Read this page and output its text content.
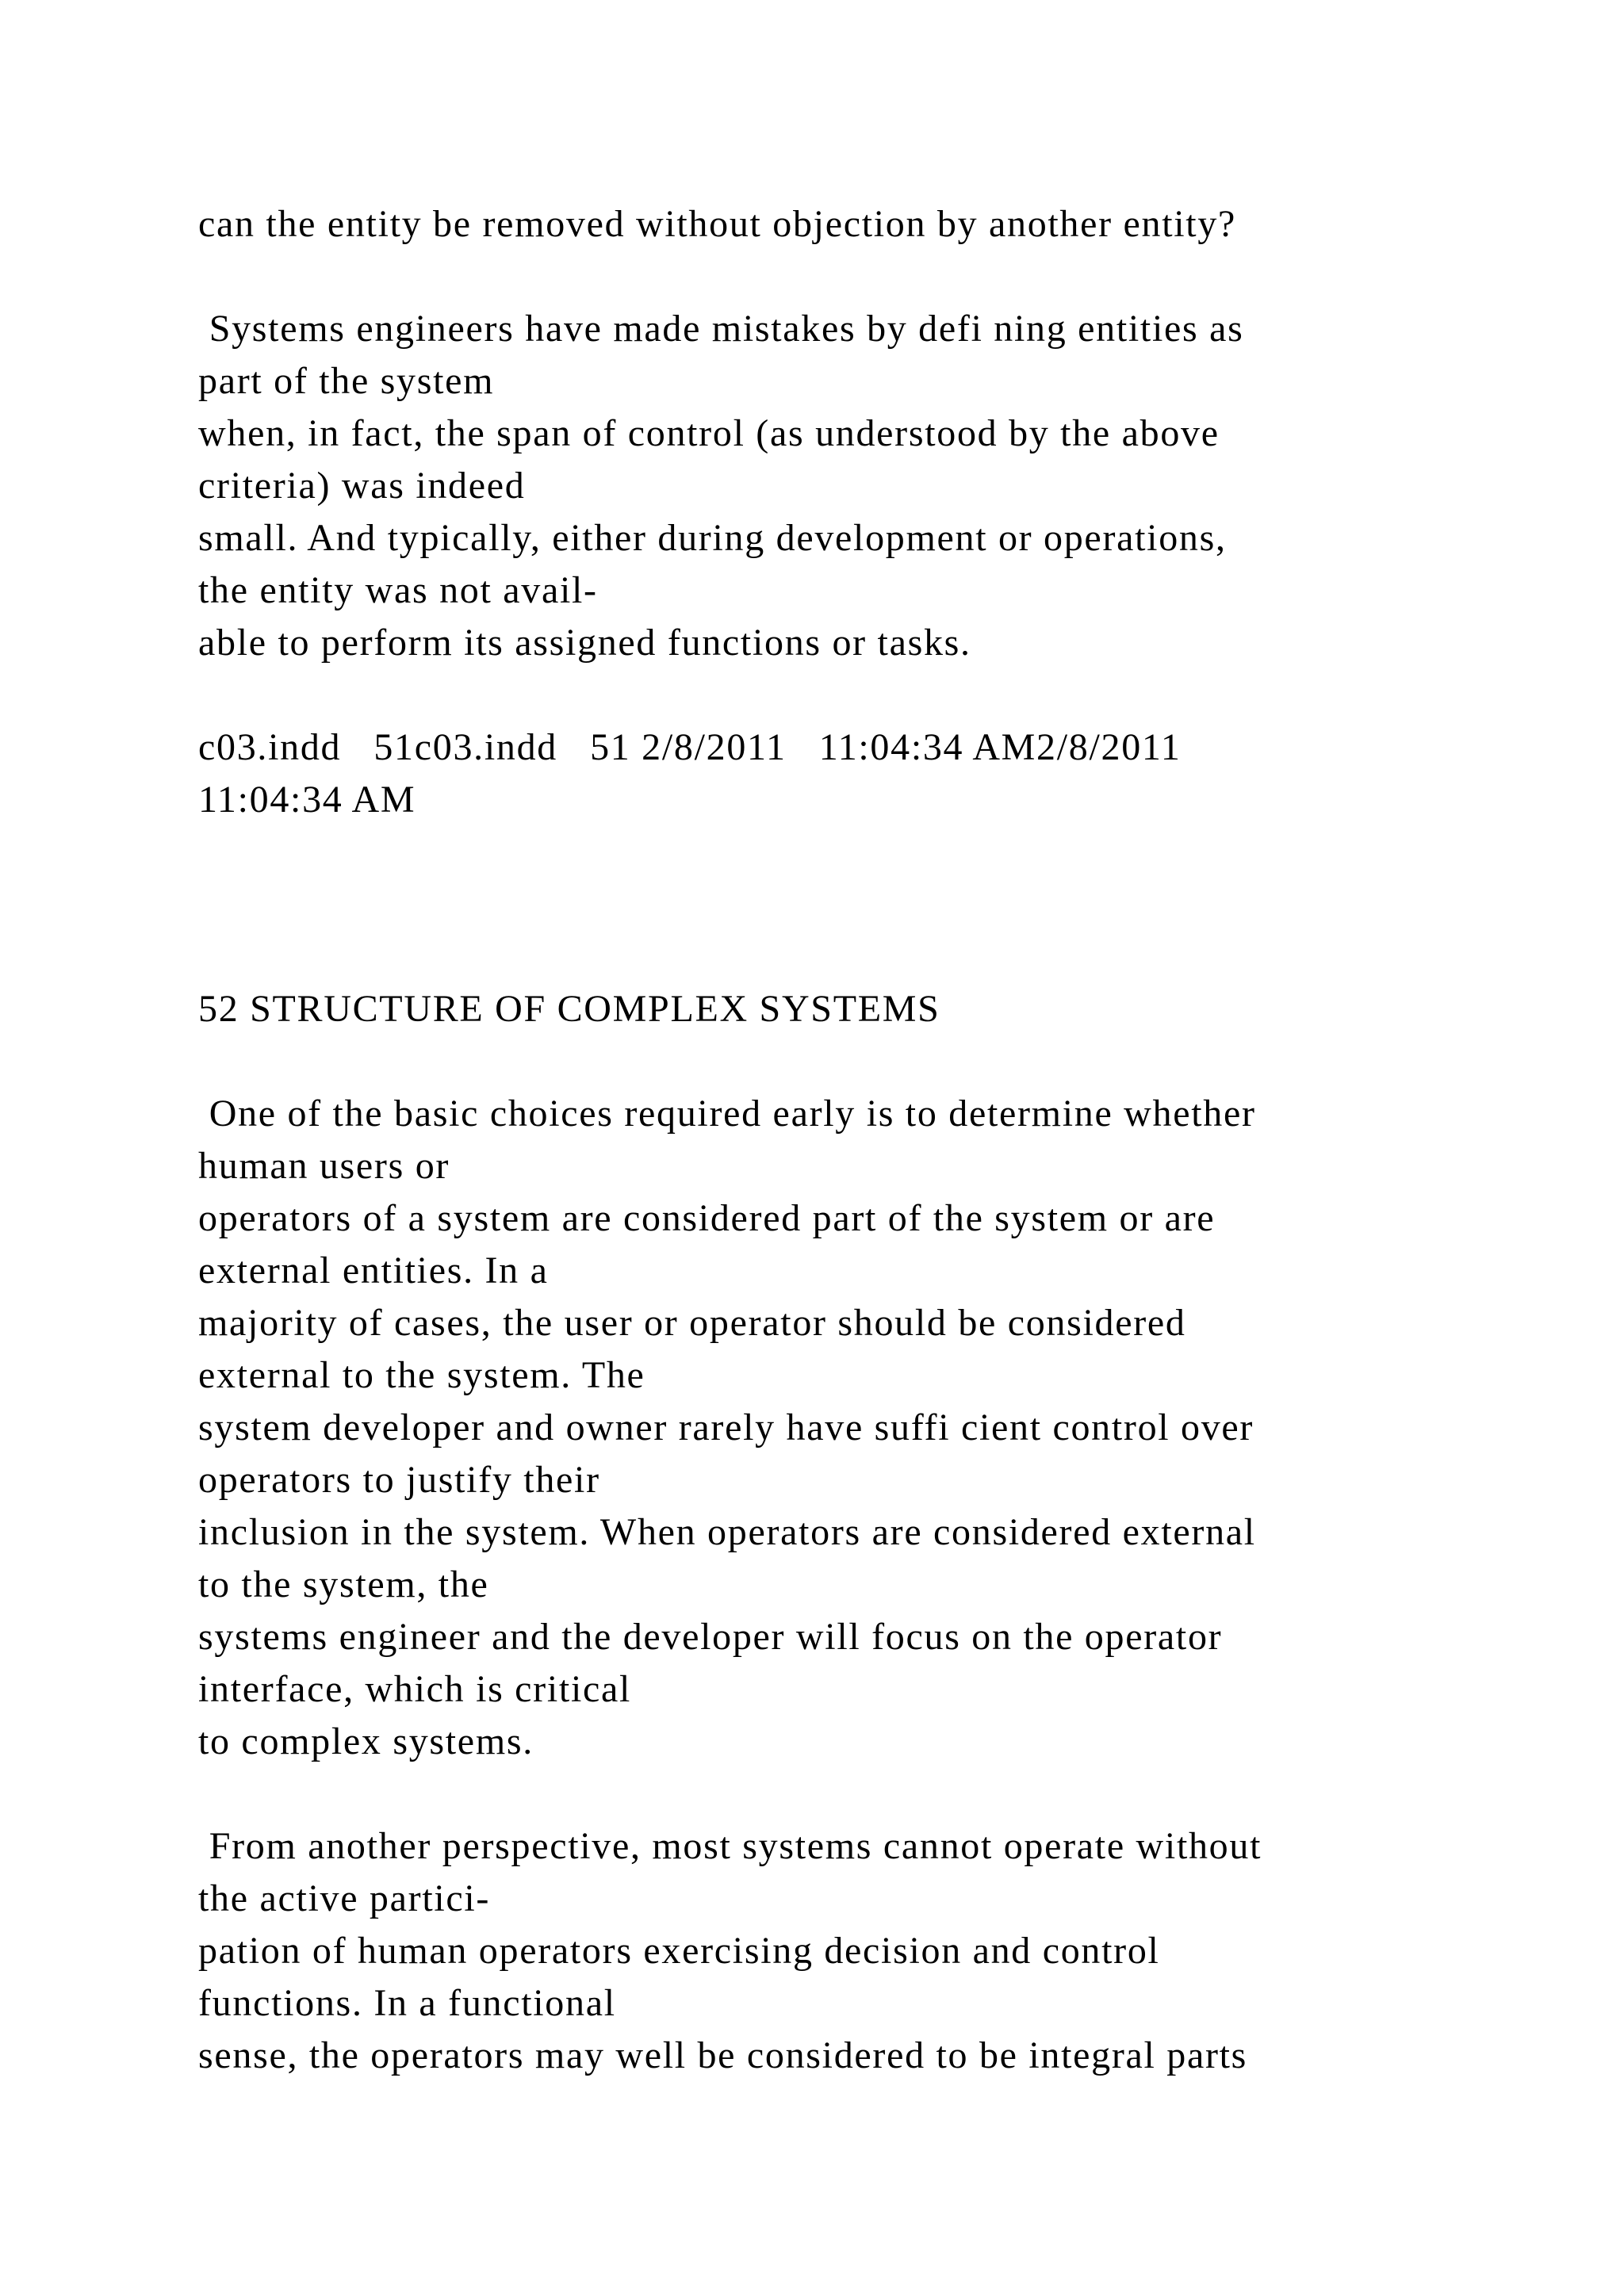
can the entity be removed without objection by another entity?
Systems engineers have made mistakes by defi ning entities as
part of the system
when, in fact, the span of control (as understood by the above
criteria) was indeed
small. And typically, either during development or operations,
the entity was not avail-
able to perform its assigned functions or tasks.
c03.indd   51c03.indd   51 2/8/2011   11:04:34 AM2/8/2011
11:04:34 AM
52 STRUCTURE OF COMPLEX SYSTEMS
One of the basic choices required early is to determine whether
human users or
operators of a system are considered part of the system or are
external entities. In a
majority of cases, the user or operator should be considered
external to the system. The
system developer and owner rarely have suffi cient control over
operators to justify their
inclusion in the system. When operators are considered external
to the system, the
systems engineer and the developer will focus on the operator
interface, which is critical
to complex systems.
From another perspective, most systems cannot operate without
the active partici-
pation of human operators exercising decision and control
functions. In a functional
sense, the operators may well be considered to be integral parts
